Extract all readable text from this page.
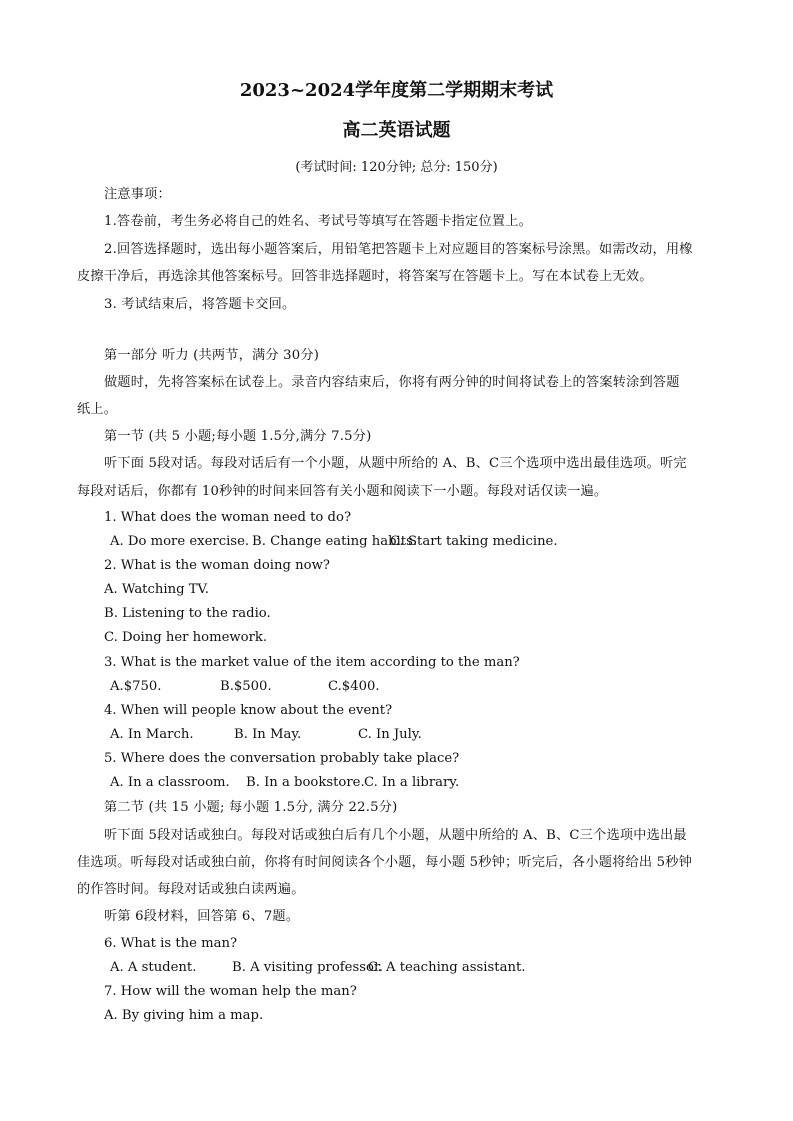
2023~2024学年度第二学期期末考试
高二英语试题
(考试时间: 120分钟; 总分: 150分)
注意事项：
1.答卷前，考生务必将自己的姓名、考试号等填写在答题卡指定位置上。
2.回答选择题时，选出每小题答案后，用铅笔把答题卡上对应题目的答案标号涂黑。如需改动，用橡
皮擦干净后，再选涂其他答案标号。回答非选择题时，将答案写在答题卡上。写在本试卷上无效。
3. 考试结束后，将答题卡交回。
第一部分 听力 (共两节，满分 30分)
做题时，先将答案标在试卷上。录音内容结束后，你将有两分钟的时间将试卷上的答案转涂到答题
纸上。
第一节 (共 5 小题;每小题 1.5分,满分 7.5分)
听下面 5段对话。每段对话后有一个小题，从题中所给的 A、B、C三个选项中选出最佳选项。听完
每段对话后，你都有 10秒钟的时间来回答有关小题和阅读下一小题。每段对话仅读一遍。
1. What does the woman need to do?
A. Do more exercise. B. Change eating habits.C. Start taking medicine.
2. What is the woman doing now?
A. Watching TV.
B. Listening to the radio.
C. Doing her homework.
3. What is the market value of the item according to the man?
A.$750.	B.$500.	C.$400.
4. When will people know about the event?
A. In March.	B. In May.	C. In July.
5. Where does the conversation probably take place?
A. In a classroom. B. In a bookstore.C. In a library.
第二节 (共 15 小题; 每小题 1.5分, 满分 22.5分)
听下面 5段对话或独白。每段对话或独白后有几个小题，从题中所给的 A、B、C三个选项中选出最
佳选项。听每段对话或独白前，你将有时间阅读各个小题，每小题 5秒钟；听完后，各小题将给出 5秒钟
的作答时间。每段对话或独白读两遍。
听第 6段材料，回答第 6、7题。
6. What is the man?
A. A student.	B. A visiting professor.C. A teaching assistant.
7. How will the woman help the man?
A. By giving him a map.
